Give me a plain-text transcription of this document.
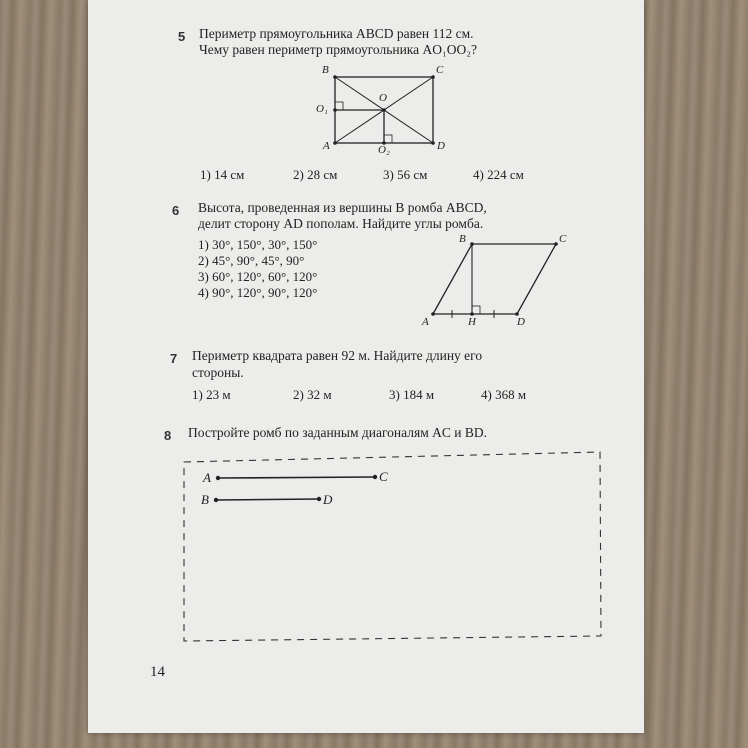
5 Периметр прямоугольника ABCD равен 112 см.
Чему равен периметр прямоугольника AO₁OO₂?
B	C
O₁
O
A	O₂	D
1) 14 см	2) 28 см	3) 56 см	4) 224 см
6 Высота, проведенная из вершины B ромба ABCD,
делит сторону AD пополам. Найдите углы ромба.
1) 30°, 150°, 30°, 150°
2) 45°, 90°, 45°, 90°
3) 60°, 120°, 60°, 120°
4) 90°, 120°, 90°, 120°
B	C
A	H	D
7 Периметр квадрата равен 92 м. Найдите длину его
стороны.
1) 23 м	2) 32 м	3) 184 м	4) 368 м
8 Постройте ромб по заданным диагоналям AC и BD.
A	C
B	D
14
